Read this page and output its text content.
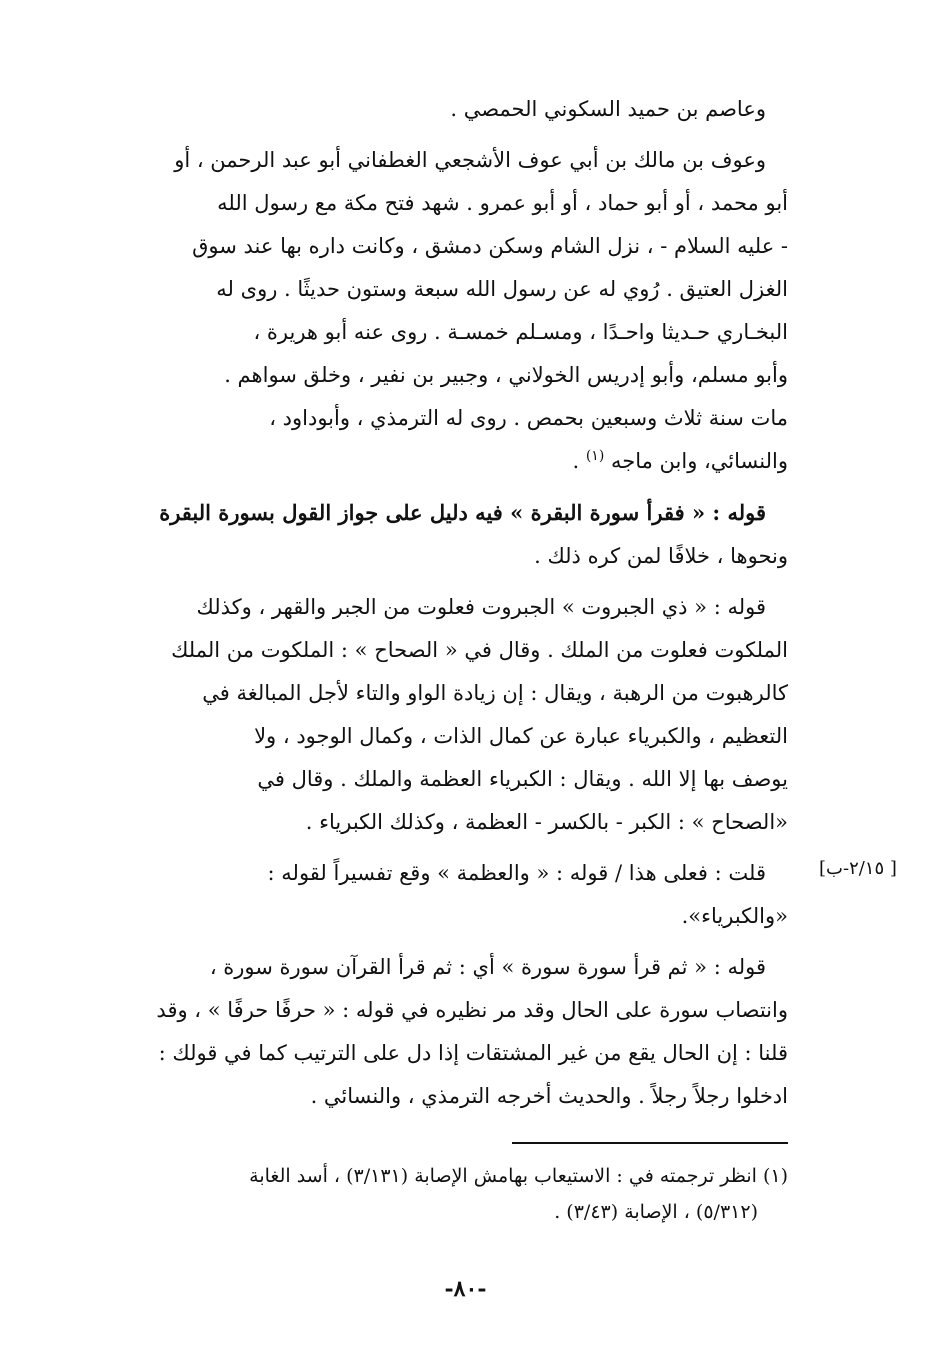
وعاصم بن حميد السكوني الحمصي .

وعوف بن مالك بن أبي عوف الأشجعي الغطفاني أبو عبد الرحمن ، أو

أبو محمد ، أو أبو حماد ، أو أبو عمرو . شهد فتح مكة مع رسول الله

- عليه السلام - ، نزل الشام وسكن دمشق ، وكانت داره بها عند سوق

الغزل العتيق . رُوي له عن رسول الله سبعة وستون حديثًا . روى له

البخـاري حـديثا واحـدًا ، ومسـلم خمسـة . روى عنه أبو هريرة ،

وأبو مسلم، وأبو إدريس الخولاني ، وجبير بن نفير ، وخلق سواهم .

مات سنة ثلاث وسبعين بحمص . روى له الترمذي ، وأبوداود ،

والنسائي، وابن ماجه $^{(١)}$ .

قوله : « فقرأ سورة البقرة » فيه دليل على جواز القول بسورة البقرة

ونحوها ، خلافًا لمن كره ذلك .

قوله : « ذي الجبروت » الجبروت فعلوت من الجبر والقهر ، وكذلك

الملكوت فعلوت من الملك . وقال في « الصحاح » : الملكوت من الملك

كالرهبوت من الرهبة ، ويقال : إن زيادة الواو والتاء لأجل المبالغة في

التعظيم ، والكبرياء عبارة عن كمال الذات ، وكمال الوجود ، ولا

يوصف بها إلا الله . ويقال : الكبرياء العظمة والملك . وقال في

«الصحاح » : الكبر - بالكسر - العظمة ، وكذلك الكبرياء .

قلت : فعلى هذا / قوله : « والعظمة » وقع تفسيراً لقوله :

«والكبرياء».

قوله : « ثم قرأ سورة سورة » أي : ثم قرأ القرآن سورة سورة ،

وانتصاب سورة على الحال وقد مر نظيره في قوله : « حرفًا حرفًا » ، وقد

قلنا : إن الحال يقع من غير المشتقات إذا دل على الترتيب كما في قولك :

ادخلوا رجلاً رجلاً . والحديث أخرجه الترمذي ، والنسائي .

[ ٢/١٥-ب]

(١) انظر ترجمته في : الاستيعاب بهامش الإصابة (٣/١٣١) ، أسد الغابة

(٥/٣١٢) ، الإصابة (٣/٤٣) .

-٨٠-
